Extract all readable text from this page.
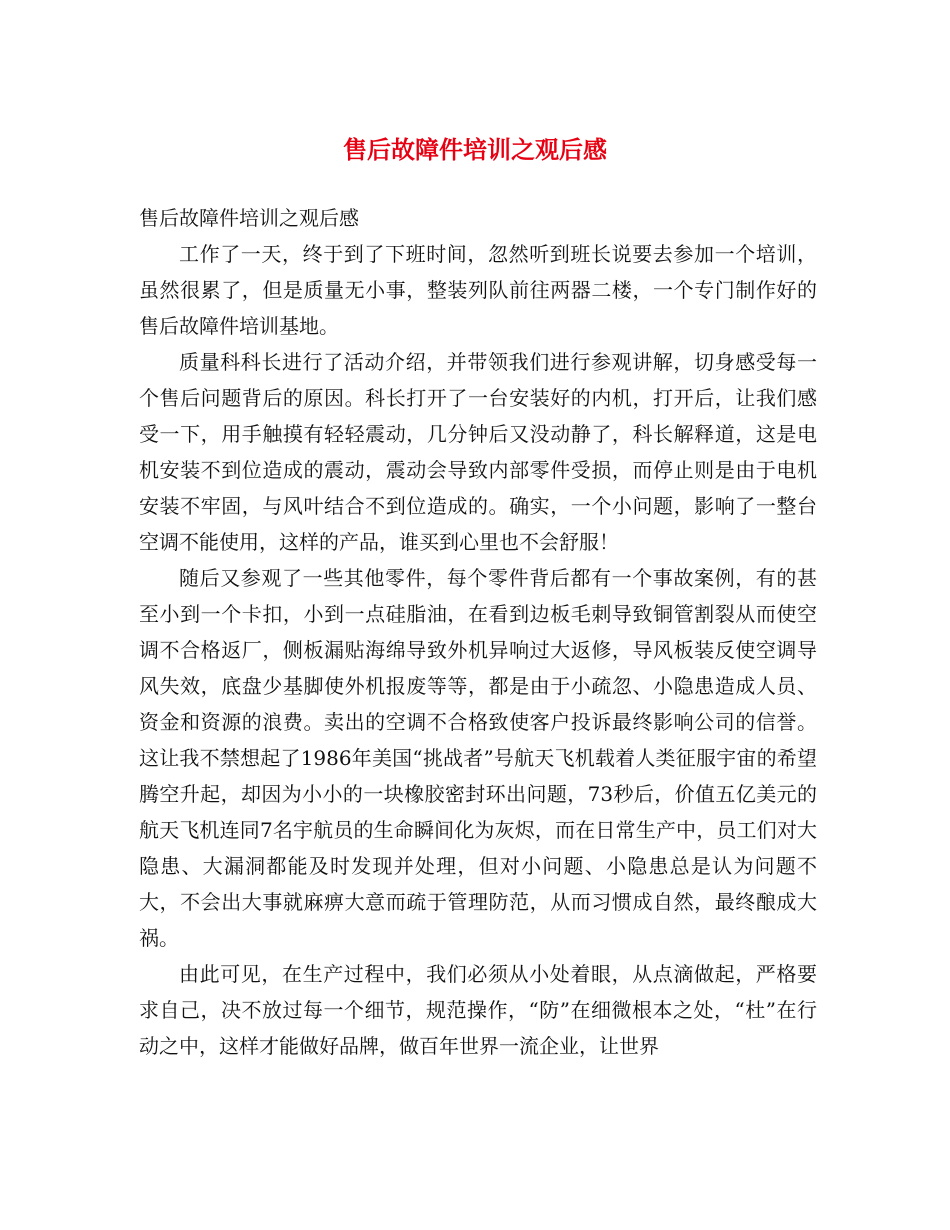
售后故障件培训之观后感

售后故障件培训之观后感

工作了一天，终于到了下班时间，忽然听到班长说要去参加一个培训，虽然很累了，但是质量无小事，整装列队前往两器二楼，一个专门制作好的售后故障件培训基地。

质量科科长进行了活动介绍，并带领我们进行参观讲解，切身感受每一个售后问题背后的原因。科长打开了一台安装好的内机，打开后，让我们感受一下，用手触摸有轻轻震动，几分钟后又没动静了，科长解释道，这是电机安装不到位造成的震动，震动会导致内部零件受损，而停止则是由于电机安装不牢固，与风叶结合不到位造成的。确实，一个小问题，影响了一整台空调不能使用，这样的产品，谁买到心里也不会舒服！

随后又参观了一些其他零件，每个零件背后都有一个事故案例，有的甚至小到一个卡扣，小到一点硅脂油，在看到边板毛刺导致铜管割裂从而使空调不合格返厂，侧板漏贴海绵导致外机异响过大返修，导风板装反使空调导风失效，底盘少基脚使外机报废等等，都是由于小疏忽、小隐患造成人员、资金和资源的浪费。卖出的空调不合格致使客户投诉最终影响公司的信誉。这让我不禁想起了1986年美国“挑战者”号航天飞机载着人类征服宇宙的希望腾空升起，却因为小小的一块橡胶密封环出问题，73秒后，价值五亿美元的航天飞机连同7名宇航员的生命瞬间化为灰烬，而在日常生产中，员工们对大隐患、大漏洞都能及时发现并处理，但对小问题、小隐患总是认为问题不大，不会出大事就麻痹大意而疏于管理防范，从而习惯成自然，最终酿成大祸。

由此可见，在生产过程中，我们必须从小处着眼，从点滴做起，严格要求自己，决不放过每一个细节，规范操作，“防”在细微根本之处，“杜”在行动之中，这样才能做好品牌，做百年世界一流企业，让世界
